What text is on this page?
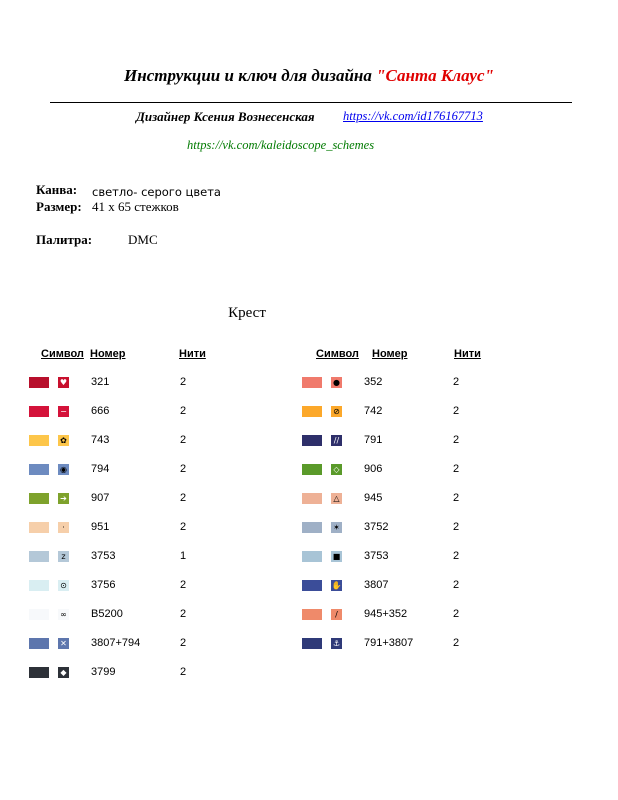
Инструкции и ключ для дизайна "Санта Клаус"
Дизайнер Ксения Вознесенская https://vk.com/id176167713
https://vk.com/kaleidoscope_schemes
Канва: светло- серого цвета
Размер: 41 x 65 стежков
Палитра:	DMC
Крест
Символ Номер	Нити	Символ Номер	Нити
♥ 321	2
− 666	2
✿ 743	2
◉ 794	2
➔ 907	2
·	951	2
z	3753	1
⊙ 3756	2
∞ B5200	2
✕ 3807+794	2
◆ 3799	2
● 352	2
⊘ 742	2
// 791	2
◇ 906	2
△ 945	2
✶ 3752	2
■ 3753	2
✋ 3807	2
/	945+352	2
⚓ 791+3807	2
